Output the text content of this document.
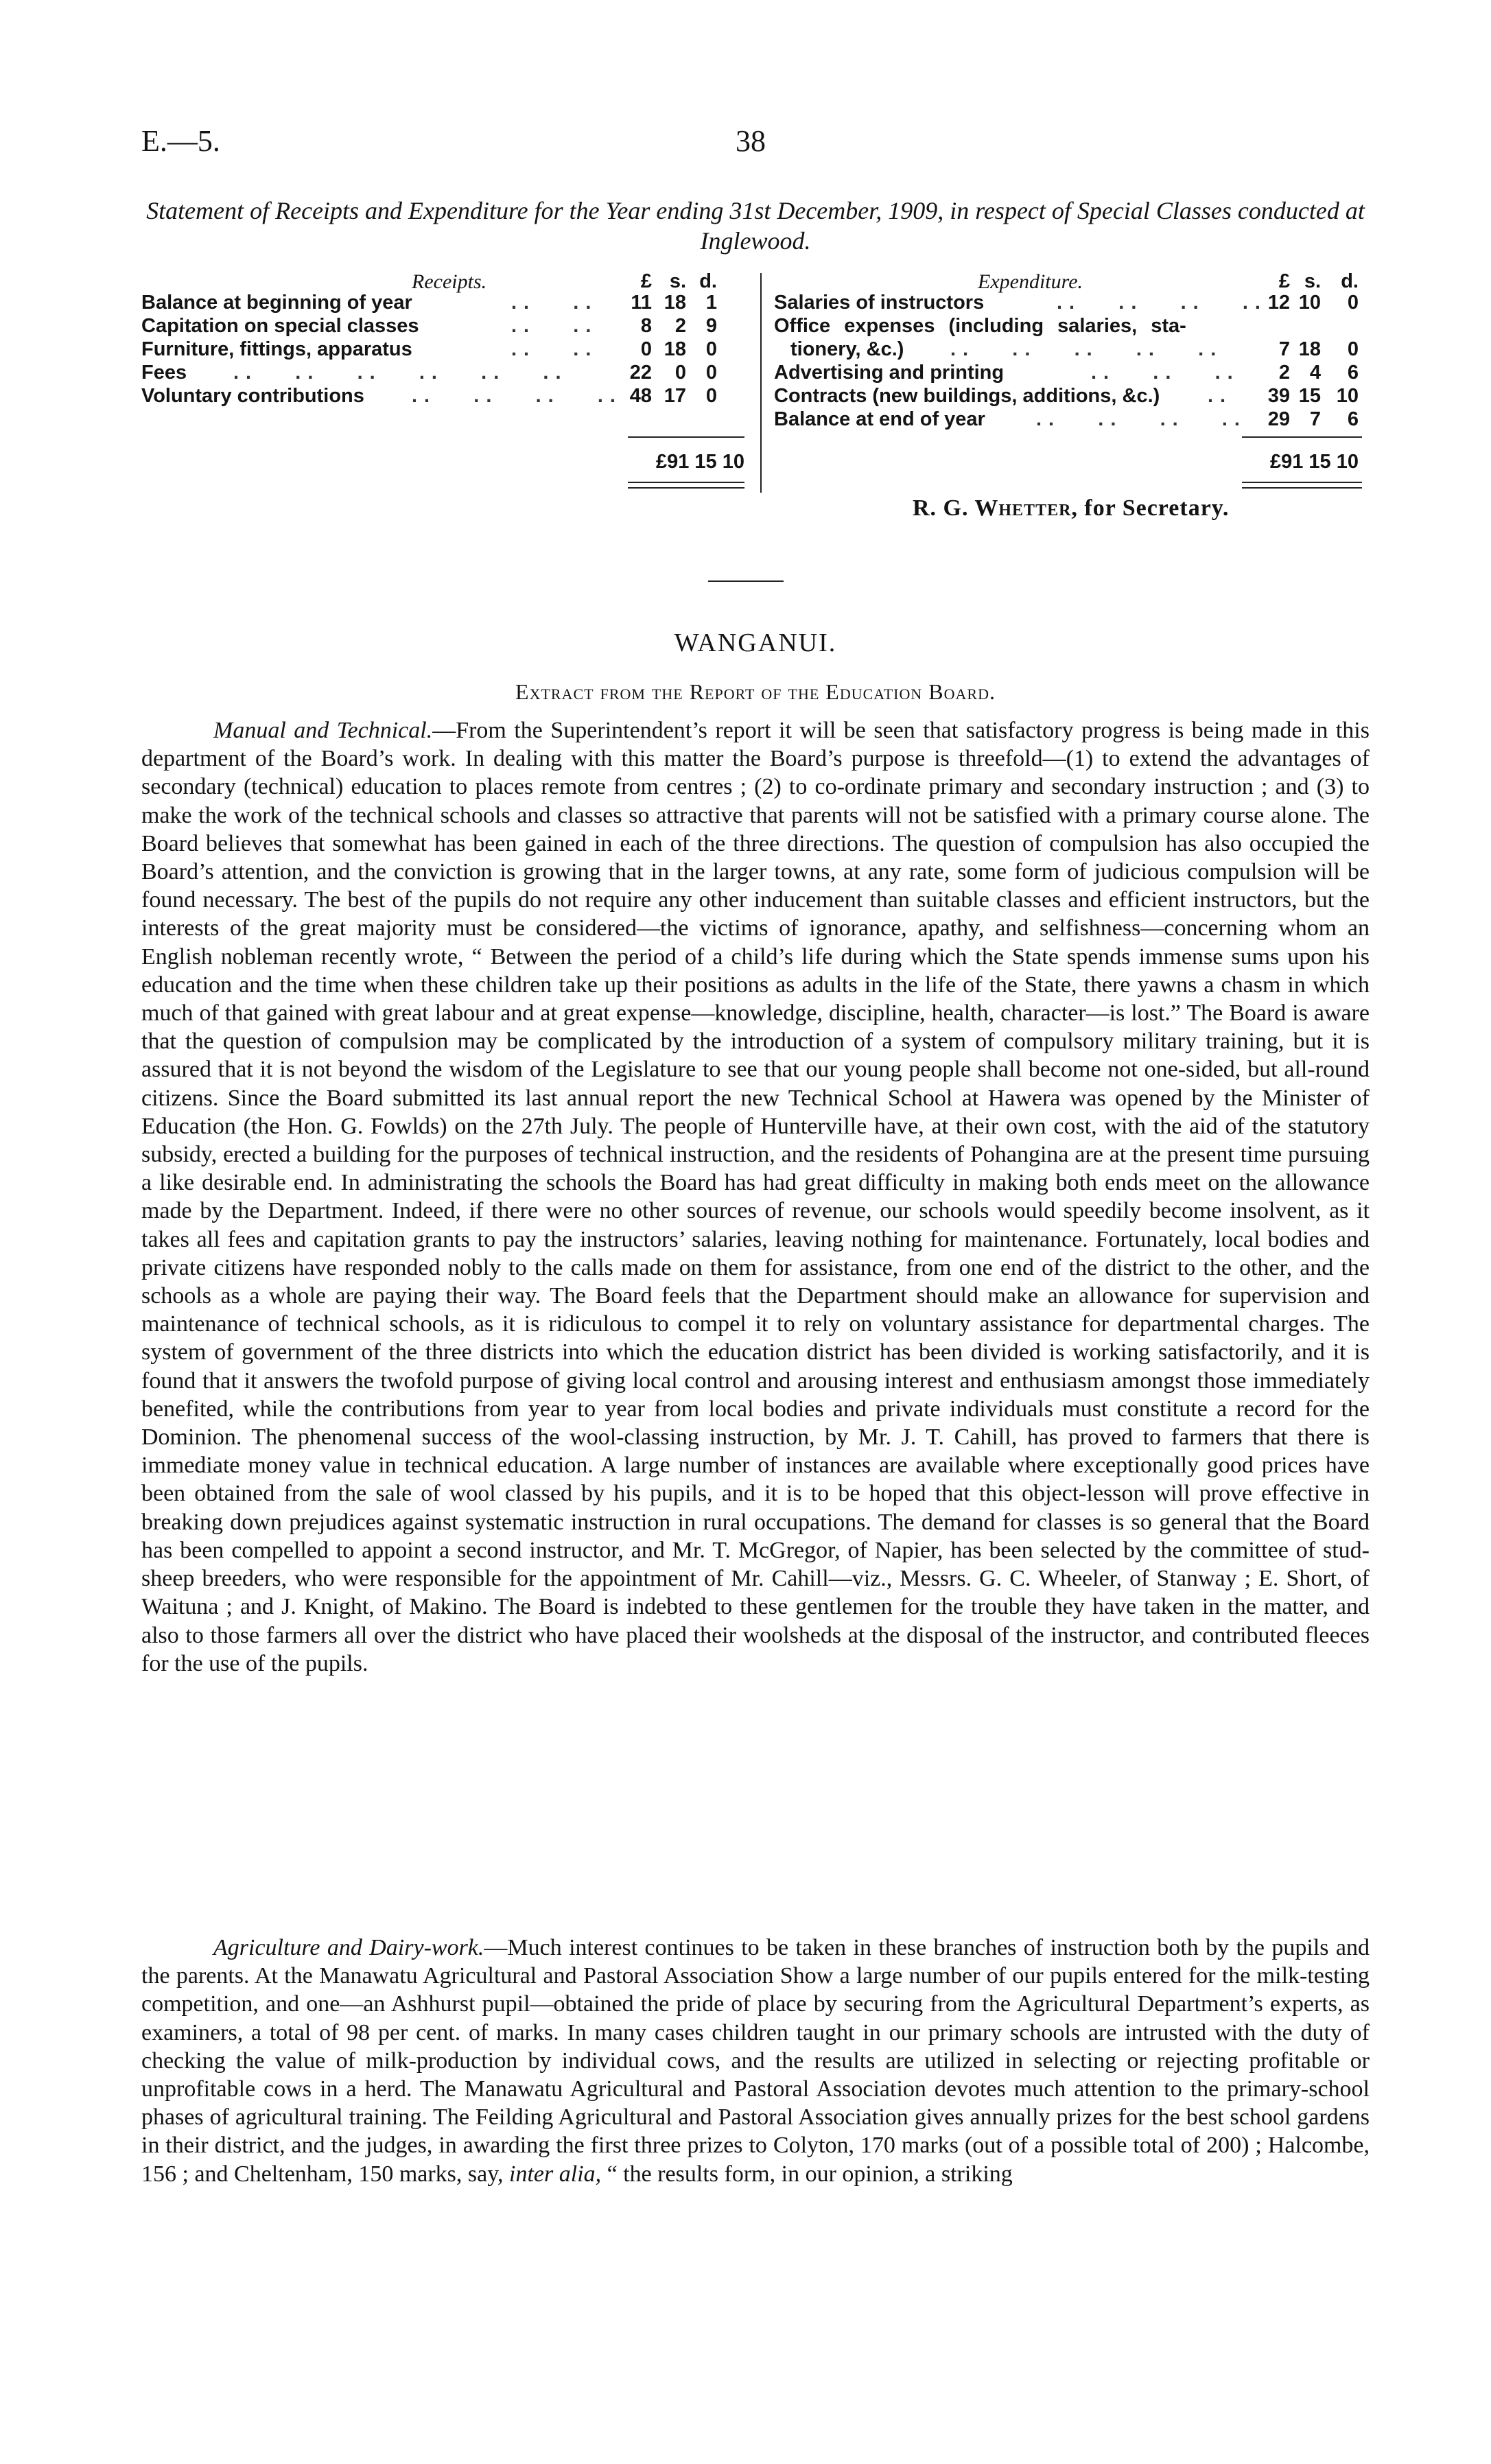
E.—5.	38
Statement of Receipts and Expenditure for the Year ending 31st December, 1909, in respect of Special Classes conducted at Inglewood.
Receipts.	£ s. d.
Balance at beginning of year	..   ..	11 18 1
Capitation on special classes	..   ..	8	2 9
Furniture, fittings, apparatus	..   ..	0 18 0
Fees ..   ..   ..   ..   ..   ..	22	0 0
Voluntary contributions ..   ..   ..   .. 48 17 0
£91 15 10
Expenditure.	£ s.	d.
Salaries of instructors	..   ..   ..   .. 12 10	0
Office expenses (including salaries, sta-
tionery, &c.) ..   ..   ..   ..   ..	7 18	0
Advertising and printing	..   ..   ..	2 4	6
Contracts (new buildings, additions, &c.) ..	39 15 10
Balance at end of year	..   ..   ..   ..	29 7	6
£91 15 10
R. G. Whetter, for Secretary.
WANGANUI.
Extract from the Report of the Education Board.

Manual and Technical.—From the Superintendent’s report it will be seen that satisfactory progress is being made in this department of the Board’s work. In dealing with this matter the Board’s purpose is threefold—(1) to extend the advantages of secondary (technical) education to places remote from centres ; (2) to co-ordinate primary and secondary instruction ; and (3) to make the work of the technical schools and classes so attractive that parents will not be satisfied with a primary course alone. The Board believes that somewhat has been gained in each of the three directions. The question of compulsion has also occupied the Board’s attention, and the conviction is growing that in the larger towns, at any rate, some form of judicious compulsion will be found necessary. The best of the pupils do not require any other inducement than suitable classes and efficient instructors, but the interests of the great majority must be considered—the victims of ignorance, apathy, and selfishness—concerning whom an English nobleman recently wrote, “ Between the period of a child’s life during which the State spends immense sums upon his education and the time when these children take up their positions as adults in the life of the State, there yawns a chasm in which much of that gained with great labour and at great expense—knowledge, discipline, health, character—is lost.” The Board is aware that the question of compulsion may be complicated by the introduction of a system of compulsory military training, but it is assured that it is not beyond the wisdom of the Legislature to see that our young people shall become not one-sided, but all-round citizens. Since the Board submitted its last annual report the new Technical School at Hawera was opened by the Minister of Education (the Hon. G. Fowlds) on the 27th July. The people of Hunterville have, at their own cost, with the aid of the statutory subsidy, erected a building for the purposes of technical instruction, and the residents of Pohangina are at the present time pursuing a like desirable end. In administrating the schools the Board has had great difficulty in making both ends meet on the allowance made by the Department. Indeed, if there were no other sources of revenue, our schools would speedily become insolvent, as it takes all fees and capitation grants to pay the instructors’ salaries, leaving nothing for maintenance. Fortunately, local bodies and private citizens have responded nobly to the calls made on them for assistance, from one end of the district to the other, and the schools as a whole are paying their way. The Board feels that the Department should make an allowance for supervision and maintenance of technical schools, as it is ridiculous to compel it to rely on voluntary assistance for departmental charges. The system of government of the three districts into which the education district has been divided is working satisfactorily, and it is found that it answers the twofold purpose of giving local control and arousing interest and enthusiasm amongst those immediately benefited, while the contributions from year to year from local bodies and private individuals must constitute a record for the Dominion. The phenomenal success of the wool-classing instruction, by Mr. J. T. Cahill, has proved to farmers that there is immediate money value in technical education. A large number of instances are available where exceptionally good prices have been obtained from the sale of wool classed by his pupils, and it is to be hoped that this object-lesson will prove effective in breaking down prejudices against systematic instruction in rural occupations. The demand for classes is so general that the Board has been compelled to appoint a second instructor, and Mr. T. McGregor, of Napier, has been selected by the committee of stud-sheep breeders, who were responsible for the appointment of Mr. Cahill—viz., Messrs. G. C. Wheeler, of Stanway ; E. Short, of Waituna ; and J. Knight, of Makino. The Board is indebted to these gentlemen for the trouble they have taken in the matter, and also to those farmers all over the district who have placed their woolsheds at the disposal of the instructor, and contributed fleeces for the use of the pupils.

Agriculture and Dairy-work.—Much interest continues to be taken in these branches of instruction both by the pupils and the parents. At the Manawatu Agricultural and Pastoral Association Show a large number of our pupils entered for the milk-testing competition, and one—an Ashhurst pupil—obtained the pride of place by securing from the Agricultural Department’s experts, as examiners, a total of 98 per cent. of marks. In many cases children taught in our primary schools are intrusted with the duty of checking the value of milk-production by individual cows, and the results are utilized in selecting or rejecting profitable or unprofitable cows in a herd. The Manawatu Agricultural and Pastoral Association devotes much attention to the primary-school phases of agricultural training. The Feilding Agricultural and Pastoral Association gives annually prizes for the best school gardens in their district, and the judges, in awarding the first three prizes to Colyton, 170 marks (out of a possible total of 200) ; Halcombe, 156 ; and Cheltenham, 150 marks, say, inter alia, “ the results form, in our opinion, a striking
